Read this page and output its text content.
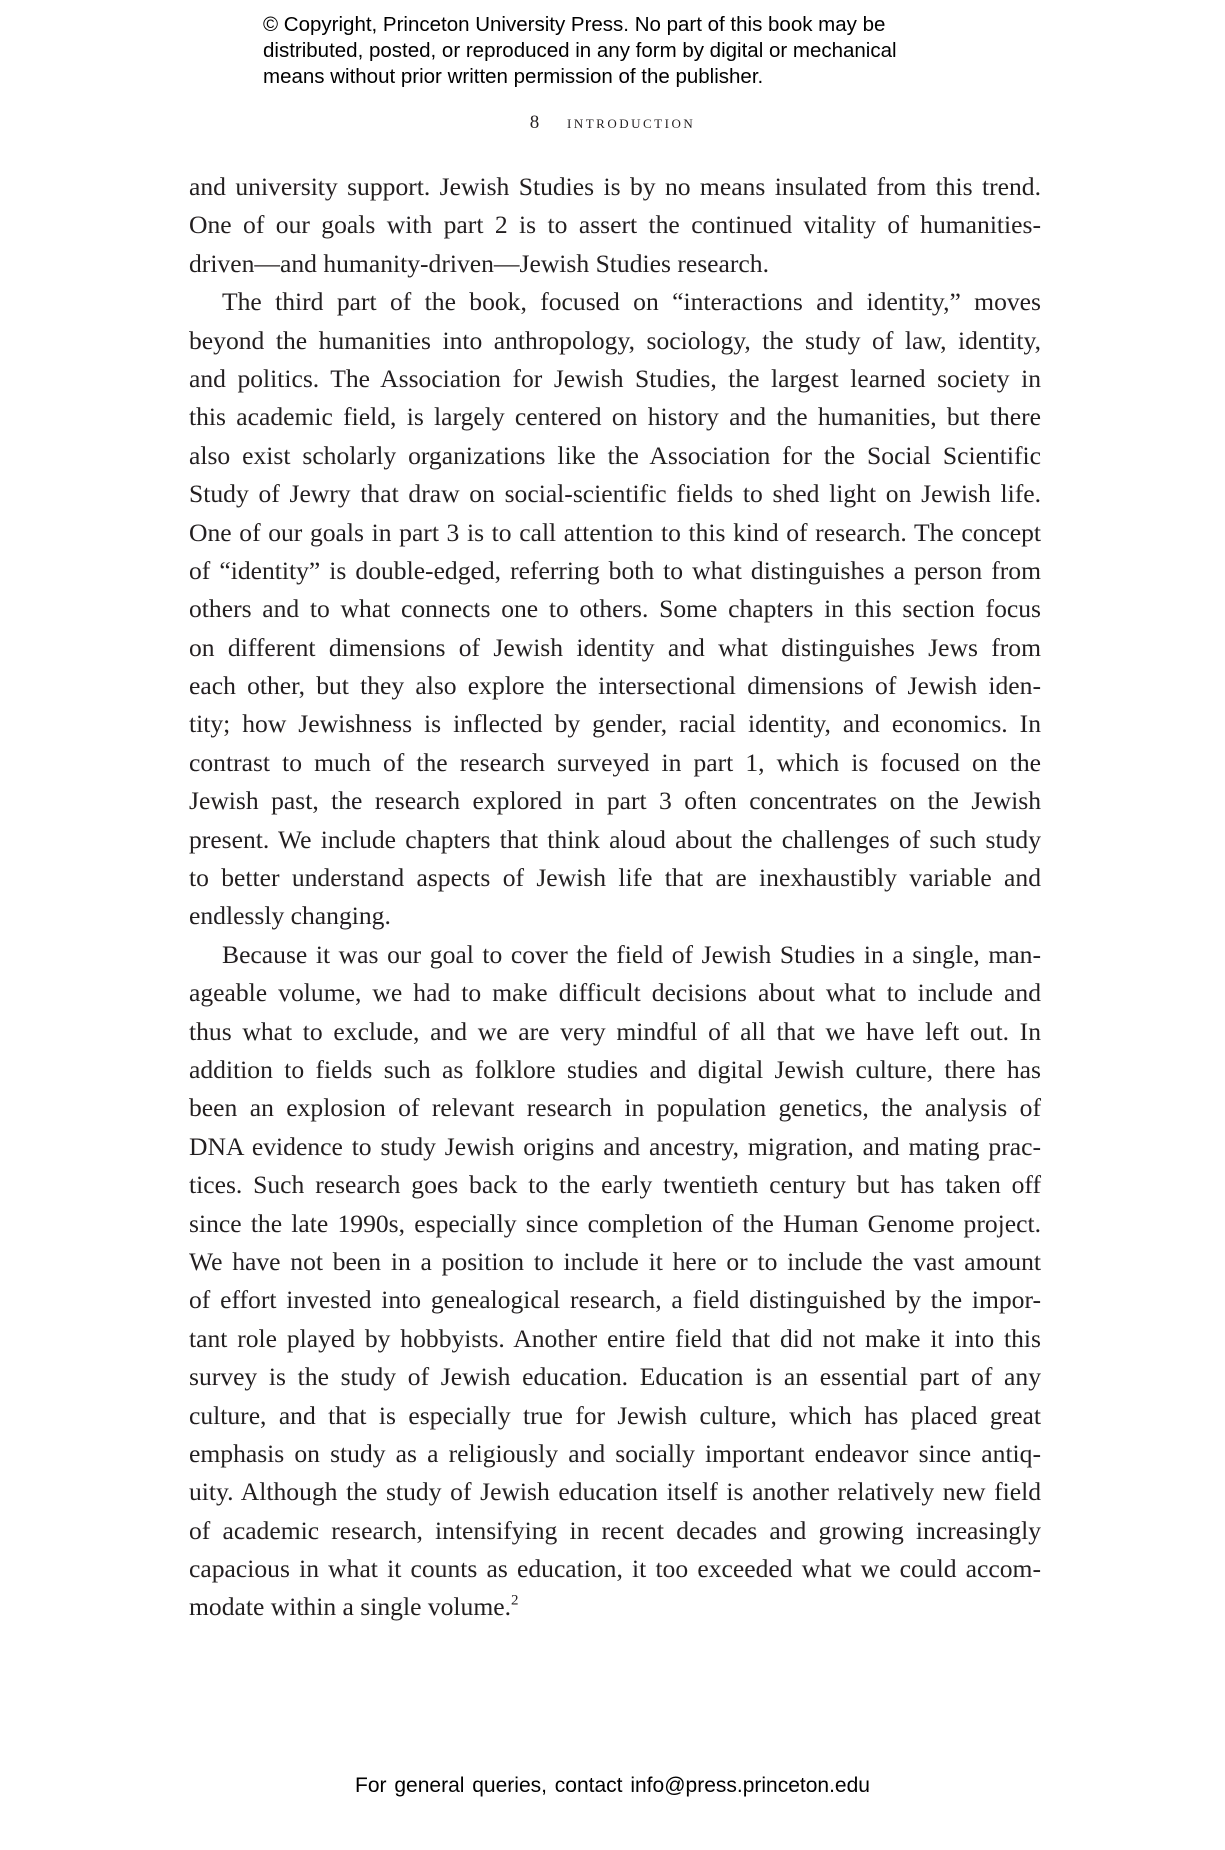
© Copyright, Princeton University Press. No part of this book may be
distributed, posted, or reproduced in any form by digital or mechanical
means without prior written permission of the publisher.
8 introduction
and university support. Jewish Studies is by no means insulated from this trend.
One of our goals with part 2 is to assert the continued vitality of humanities-
driven—and humanity-driven—Jewish Studies research.
The third part of the book, focused on “interactions and identity,” moves
beyond the humanities into anthropology, sociology, the study of law, identity,
and politics. The Association for Jewish Studies, the largest learned society in
this academic field, is largely centered on history and the humanities, but there
also exist scholarly organizations like the Association for the Social Scientific
Study of Jewry that draw on social-scientific fields to shed light on Jewish life.
One of our goals in part 3 is to call attention to this kind of research. The concept
of “identity” is double-edged, referring both to what distinguishes a person from
others and to what connects one to others. Some chapters in this section focus
on different dimensions of Jewish identity and what distinguishes Jews from
each other, but they also explore the intersectional dimensions of Jewish iden-
tity; how Jewishness is inflected by gender, racial identity, and economics. In
contrast to much of the research surveyed in part 1, which is focused on the
Jewish past, the research explored in part 3 often concentrates on the Jewish
present. We include chapters that think aloud about the challenges of such study
to better understand aspects of Jewish life that are inexhaustibly variable and
endlessly changing.
Because it was our goal to cover the field of Jewish Studies in a single, man-
ageable volume, we had to make difficult decisions about what to include and
thus what to exclude, and we are very mindful of all that we have left out. In
addition to fields such as folklore studies and digital Jewish culture, there has
been an explosion of relevant research in population genetics, the analysis of
DNA evidence to study Jewish origins and ancestry, migration, and mating prac-
tices. Such research goes back to the early twentieth century but has taken off
since the late 1990s, especially since completion of the Human Genome project.
We have not been in a position to include it here or to include the vast amount
of effort invested into genealogical research, a field distinguished by the impor-
tant role played by hobbyists. Another entire field that did not make it into this
survey is the study of Jewish education. Education is an essential part of any
culture, and that is especially true for Jewish culture, which has placed great
emphasis on study as a religiously and socially important endeavor since antiq-
uity. Although the study of Jewish education itself is another relatively new field
of academic research, intensifying in recent decades and growing increasingly
capacious in what it counts as education, it too exceeded what we could accom-
modate within a single volume.$^2$
For general queries, contact info@press.princeton.edu
